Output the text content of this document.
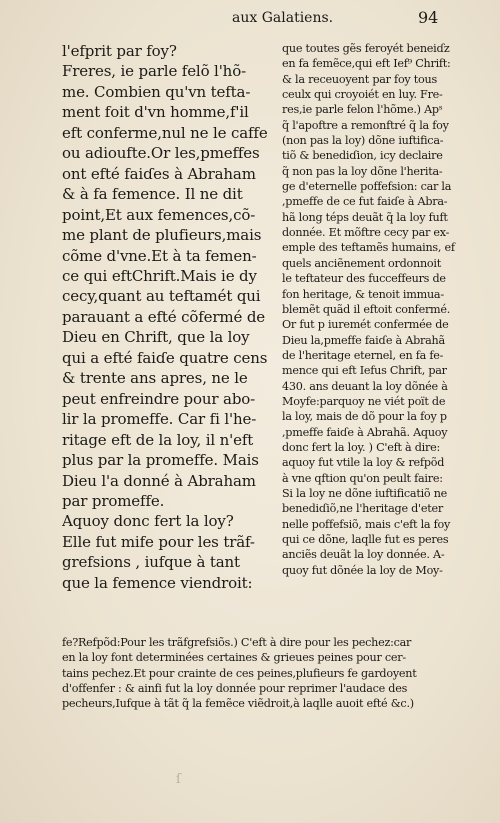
aux Galatiens.	94
l'efprit par foy?
Freres, ie parle felõ l'hõ-
me. Combien qu'vn tefta-
ment foit d'vn homme,f'il
eft conferme,nul ne le caffe
ou adioufte.Or les,pmeffes
ont efté faiɗes à Abraham
& à fa femence. Il ne dit
point,Et aux femences,cõ-
me plant de plufieurs,mais
cõme d'vne.Et à ta femen-
ce qui eftChrift.Mais ie dy
cecy,quant au teftamét qui
parauant a efté cõfermé de
Dieu en Chrift, que la loy
qui a efté faiɗe quatre cens
& trente ans apres, ne le
peut enfreindre pour abo-
lir la promeffe. Car fi l'he-
ritage eft de la loy, il n'eft
plus par la promeffe. Mais
Dieu l'a donné à Abraham
par promeffe.
Aquoy donc fert la loy?
Elle fut mife pour les trãf-
grefsions , iufque à tant
que la femence viendroit:
que toutes gẽs feroyét beneiɗz
en fa femẽce,qui eft Ief⁹ Chrift:
& la receuoyent par foy tous
ceulx qui croyoiét en luy. Fre-
res,ie parle felon l'hõme.) Apˢ
q̃ l'apoftre a remonftré q̃ la foy
(non pas la loy) dõne iuftifica-
tiõ & benediɗion, icy declaire
q̃ non pas la loy dõne l'herita-
ge d'eternelle poffefsion: car la
,pmeffe de ce fut faiɗe à Abra-
hã long téps deuãt q̃ la loy fuft
donnée. Et mõftre cecy par ex-
emple des teftamẽs humains, ef
quels anciẽnement ordonnoit
le teftateur des fucceffeurs de
fon heritage, & tenoit immua-
blemẽt quãd il eftoit confermé.
Or fut p iuremét confermée de
Dieu la,pmeffe faiɗe à Abrahã
de l'heritage eternel, en fa fe-
mence qui eft Iefus Chrift, par
430. ans deuant la loy dõnée à
Moyfe:parquoy ne viét poït de
la loy, mais de dõ pour la foy p
,pmeffe faiɗe à Abrahã. Aquoy
donc fert la loy. ) C'eft à dire:
aquoy fut vtile la loy & refpõd
à vne qftion qu'on peult faire:
Si la loy ne dõne iuftificatiõ ne
benediɗiõ,ne l'heritage d'eter
nelle poffefsiõ, mais c'eft la foy
qui ce dõne, laqlle fut es peres
anciẽs deuãt la loy donnée. A-
quoy fut dõnée la loy de Moy-
fe?Refpõd:Pour les trãfgrefsiõs.) C'eft à dire pour les pechez:car
en la loy font determinées certaines & grieues peines pour cer-
tains pechez.Et pour crainte de ces peines,plufieurs fe gardoyent
d'offenfer : & ainfi fut la loy donnée pour reprimer l'audace des
pecheurs,Iufque à tãt q̃ la femẽce viẽdroit,à laqlle auoit efté &c.)
ſ
